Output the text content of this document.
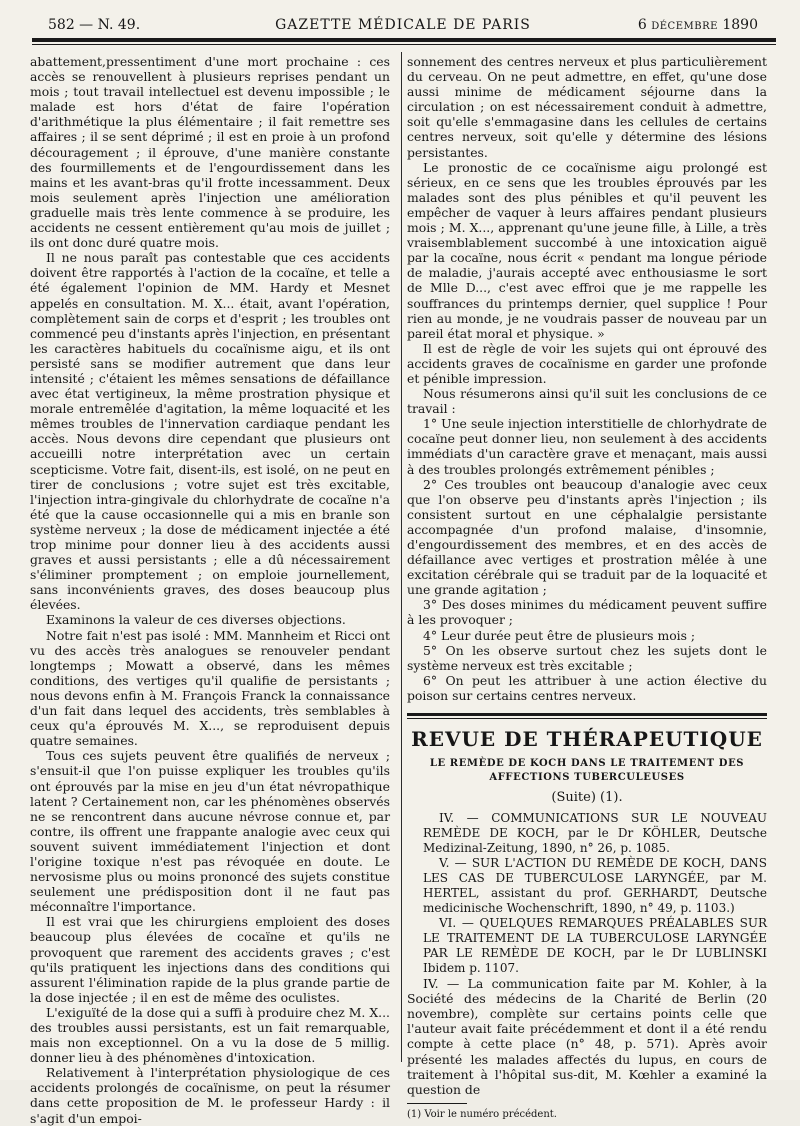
582 — N. 49.	GAZETTE MÉDICALE DE PARIS	6 DÉCEMBRE 1890

abattement,pressentiment d'une mort prochaine : ces accès se renouvellent à plusieurs reprises pendant un mois ; tout travail intellectuel est devenu impossible ; le malade est hors d'état de faire l'opération d'arithmétique la plus élémentaire ; il fait remettre ses affaires ; il se sent déprimé ; il est en proie à un profond découragement ; il éprouve, d'une manière constante des fourmillements et de l'engourdissement dans les mains et les avant-bras qu'il frotte incessamment. Deux mois seulement après l'injection une amélioration graduelle mais très lente commence à se produire, les accidents ne cessent entièrement qu'au mois de juillet ; ils ont donc duré quatre mois.

Il ne nous paraît pas contestable que ces accidents doivent être rapportés à l'action de la cocaïne, et telle a été également l'opinion de MM. Hardy et Mesnet appelés en consultation. M. X... était, avant l'opération, complètement sain de corps et d'esprit ; les troubles ont commencé peu d'instants après l'injection, en présentant les caractères habituels du cocaïnisme aigu, et ils ont persisté sans se modifier autrement que dans leur intensité ; c'étaient les mêmes sensations de défaillance avec état vertigineux, la même prostration physique et morale entremêlée d'agitation, la même loquacité et les mêmes troubles de l'innervation cardiaque pendant les accès. Nous devons dire cependant que plusieurs ont accueilli notre interprétation avec un certain scepticisme. Votre fait, disent-ils, est isolé, on ne peut en tirer de conclusions ; votre sujet est très excitable, l'injection intra-gingivale du chlorhydrate de cocaïne n'a été que la cause occasionnelle qui a mis en branle son système nerveux ; la dose de médicament injectée a été trop minime pour donner lieu à des accidents aussi graves et aussi persistants ; elle a dû nécessairement s'éliminer promptement ; on emploie journellement, sans inconvénients graves, des doses beaucoup plus élevées.

Examinons la valeur de ces diverses objections.

Notre fait n'est pas isolé : MM. Mannheim et Ricci ont vu des accès très analogues se renouveler pendant longtemps ; Mowatt a observé, dans les mêmes conditions, des vertiges qu'il qualifie de persistants ; nous devons enfin à M. François Franck la connaissance d'un fait dans lequel des accidents, très semblables à ceux qu'a éprouvés M. X..., se reproduisent depuis quatre semaines.

Tous ces sujets peuvent être qualifiés de nerveux ; s'ensuit-il que l'on puisse expliquer les troubles qu'ils ont éprouvés par la mise en jeu d'un état névropathique latent ? Certainement non, car les phénomènes observés ne se rencontrent dans aucune névrose connue et, par contre, ils offrent une frappante analogie avec ceux qui souvent suivent immédiatement l'injection et dont l'origine toxique n'est pas révoquée en doute. Le nervosisme plus ou moins prononcé des sujets constitue seulement une prédisposition dont il ne faut pas méconnaître l'importance.

Il est vrai que les chirurgiens emploient des doses beaucoup plus élevées de cocaïne et qu'ils ne provoquent que rarement des accidents graves ; c'est qu'ils pratiquent les injections dans des conditions qui assurent l'élimination rapide de la plus grande partie de la dose injectée ; il en est de même des oculistes.

L'exiguïté de la dose qui a suffi à produire chez M. X... des troubles aussi persistants, est un fait remarquable, mais non exceptionnel. On a vu la dose de 5 millig. donner lieu à des phénomènes d'intoxication.

Relativement à l'interprétation physiologique de ces accidents prolongés de cocaïnisme, on peut la résumer dans cette proposition de M. le professeur Hardy : il s'agit d'un empoi-

sonnement des centres nerveux et plus particulièrement du cerveau. On ne peut admettre, en effet, qu'une dose aussi minime de médicament séjourne dans la circulation ; on est nécessairement conduit à admettre, soit qu'elle s'emmagasine dans les cellules de certains centres nerveux, soit qu'elle y détermine des lésions persistantes.

Le pronostic de ce cocaïnisme aigu prolongé est sérieux, en ce sens que les troubles éprouvés par les malades sont des plus pénibles et qu'il peuvent les empêcher de vaquer à leurs affaires pendant plusieurs mois ; M. X..., apprenant qu'une jeune fille, à Lille, a très vraisemblablement succombé à une intoxication aiguë par la cocaïne, nous écrit « pendant ma longue période de maladie, j'aurais accepté avec enthousiasme le sort de Mlle D..., c'est avec effroi que je me rappelle les souffrances du printemps dernier, quel supplice ! Pour rien au monde, je ne voudrais passer de nouveau par un pareil état moral et physique. »

Il est de règle de voir les sujets qui ont éprouvé des accidents graves de cocaïnisme en garder une profonde et pénible impression.

Nous résumerons ainsi qu'il suit les conclusions de ce travail :

1° Une seule injection interstitielle de chlorhydrate de cocaïne peut donner lieu, non seulement à des accidents immédiats d'un caractère grave et menaçant, mais aussi à des troubles prolongés extrêmement pénibles ;

2° Ces troubles ont beaucoup d'analogie avec ceux que l'on observe peu d'instants après l'injection ; ils consistent surtout en une céphalalgie persistante accompagnée d'un profond malaise, d'insomnie, d'engourdissement des membres, et en des accès de défaillance avec vertiges et prostration mêlée à une excitation cérébrale qui se traduit par de la loquacité et une grande agitation ;

3° Des doses minimes du médicament peuvent suffire à les provoquer ;

4° Leur durée peut être de plusieurs mois ;

5° On les observe surtout chez les sujets dont le système nerveux est très excitable ;

6° On peut les attribuer à une action élective du poison sur certains centres nerveux.

REVUE DE THÉRAPEUTIQUE
LE REMÈDE DE KOCH DANS LE TRAITEMENT DES AFFECTIONS TUBERCULEUSES
(Suite) (1).

IV. — COMMUNICATIONS SUR LE NOUVEAU REMÈDE DE KOCH, par le Dr KÖHLER, Deutsche Medizinal-Zeitung, 1890, n° 26, p. 1085.

V. — SUR L'ACTION DU REMÈDE DE KOCH, DANS LES CAS DE TUBERCULOSE LARYNGÉE, par M. HERTEL, assistant du prof. GERHARDT, Deutsche medicinische Wochenschrift, 1890, n° 49, p. 1103.)

VI. — QUELQUES REMARQUES PRÉALABLES SUR LE TRAITEMENT DE LA TUBERCULOSE LARYNGÉE PAR LE REMÈDE DE KOCH, par le Dr LUBLINSKI Ibidem p. 1107.

IV. — La communication faite par M. Kohler, à la Société des médecins de la Charité de Berlin (20 novembre), complète sur certains points celle que l'auteur avait faite précédemment et dont il a été rendu compte à cette place (n° 48, p. 571). Après avoir présenté les malades affectés du lupus, en cours de traitement à l'hôpital sus-dit, M. Kœhler a examiné la question de

(1) Voir le numéro précédent.
